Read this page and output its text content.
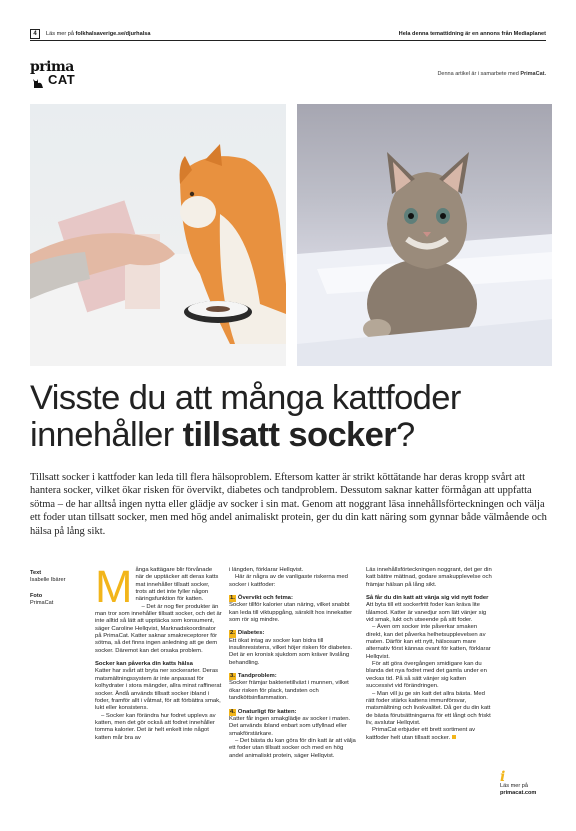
4	Läs mer på folkhalsaverige.se/djurhalsa	Hela denna temattidning är en annons från Mediaplanet
prima
CAT	Denna artikel är i samarbete med PrimaCat.
Visste du att många kattfoder innehåller tillsatt socker?
Tillsatt socker i kattfoder kan leda till flera hälsoproblem. Eftersom katter är strikt köttätande har deras kropp svårt att hantera socker, vilket ökar risken för övervikt, diabetes och tandproblem. Dessutom saknar katter förmågan att uppfatta sötma – de har alltså ingen nytta eller glädje av socker i sin mat. Genom att noggrant läsa innehållsförteckningen och välja ett foder utan tillsatt socker, men med hög andel animaliskt protein, ger du din katt näring som gynnar både välmående och hälsa på lång sikt.
Text
Isabelle Ibärer
Foto
PrimaCat M ånga kattägare blir förvånade när de upptäcker att deras katts mat innehåller tillsatt socker, trots att det inte fyller någon näringsfunktion för katten.

– Det är nog fler produkter än man tror som innehåller tillsatt socker, och det är inte alltid så lätt att upptäcka som konsument, säger Caroline Hellqvist, Marknadskoordinator på PrimaCat. Katter saknar smakreceptorer för sötma, så det finns ingen anledning att ge dem socker. Däremot kan det orsaka problem.

Socker kan påverka din katts hälsa

Katter har svårt att bryta ner sockerarter. Deras matsmältningssystem är inte anpassat för kolhydrater i stora mängder, allra minst raffinerat socker. Ändå används tillsatt socker ibland i foder, framför allt i våtmat, för att förbättra smak, lukt eller konsistens.

– Socker kan förändra hur fodret upplevs av katten, men det gör också att fodret innehåller tomma kalorier. Det är helt enkelt inte något katten mår bra av

i längden, förklarar Hellqvist.

Här är några av de vanligaste riskerna med socker i kattfoder:

1. Övervikt och fetma:

Socker tillför kalorier utan näring, vilket snabbt kan leda till viktuppgång, särskilt hos innekatter som rör sig mindre.

2. Diabetes:

Ett ökat intag av socker kan bidra till insulinresistens, vilket höjer risken för diabetes. Det är en kronisk sjukdom som kräver livslång behandling.

3. Tandproblem:

Socker främjar bakterietillväxt i munnen, vilket ökar risken för plack, tandsten och tandköttsinflammation.

4. Onaturligt för katten:

Katter får ingen smakglädje av socker i maten. Det används ibland enbart som utfyllnad eller smakförstärkare.

– Det bästa du kan göra för din katt är att välja ett foder utan tillsatt socker och med en hög andel animaliskt protein, säger Hellqvist.

Läs innehållsförteckningen noggrant, det ger din katt bättre mättnad, godare smakupplevelse och främjar hälsan på lång sikt.

Så får du din katt att vänja sig vid nytt foder

Att byta till ett sockerfritt foder kan kräva lite tålamod. Katter är vanedjur som lätt vänjer sig vid smak, lukt och utseende på sitt foder.

– Även om socker inte påverkar smaken direkt, kan det påverka helhetsupplevelsen av maten. Därför kan ett nytt, hälsosam mare alternativ först kännas ovant för katten, förklarar Hellqvist.

För att göra övergången smidigare kan du blanda det nya fodret med det gamla under en veckas tid. På så sätt vänjer sig katten successivt vid förändringen.

– Man vill ju ge sin katt det allra bästa. Med rätt foder stärks kattens immunförsvar, matsmältning och livskvalitet. Då ger du din katt de bästa förutsättningarna för ett långt och friskt liv, avslutar Hellqvist.

PrimaCat erbjuder ett brett sortiment av kattfoder helt utan tillsatt socker.

i
Läs mer på
primacat.com
